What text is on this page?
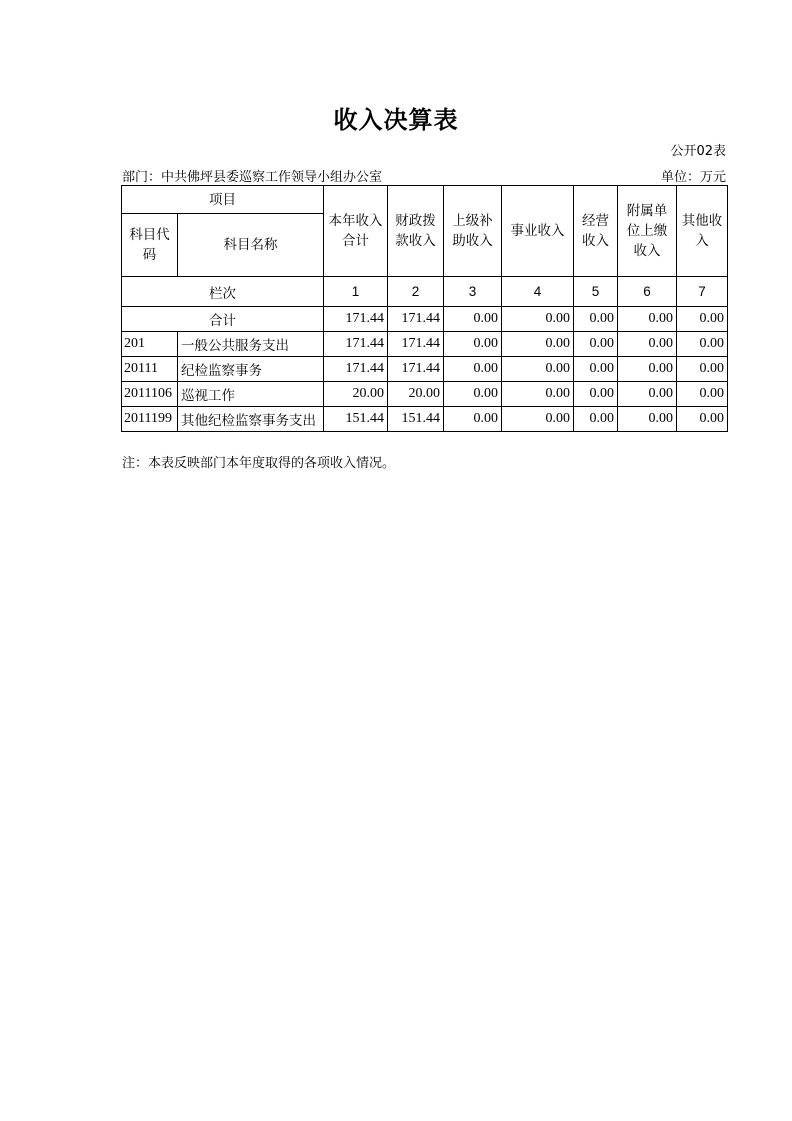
收入决算表
公开02表
部门：中共佛坪县委巡察工作领导小组办公室	单位：万元
项目		本年收入合计	财政拨款收入	上级补助收入	事业收入	经营收入	附属单位上缴收入	其他收入
科目代码	科目名称							
栏次		1	2	3	4	5	6	7
合计		171.44	171.44	0.00	0.00	0.00	0.00	0.00
201	一般公共服务支出	171.44	171.44	0.00	0.00	0.00	0.00	0.00
20111	纪检监察事务	171.44	171.44	0.00	0.00	0.00	0.00	0.00
2011106	巡视工作	20.00	20.00	0.00	0.00	0.00	0.00	0.00
2011199	其他纪检监察事务支出	151.44	151.44	0.00	0.00	0.00	0.00	0.00
注：本表反映部门本年度取得的各项收入情况。
